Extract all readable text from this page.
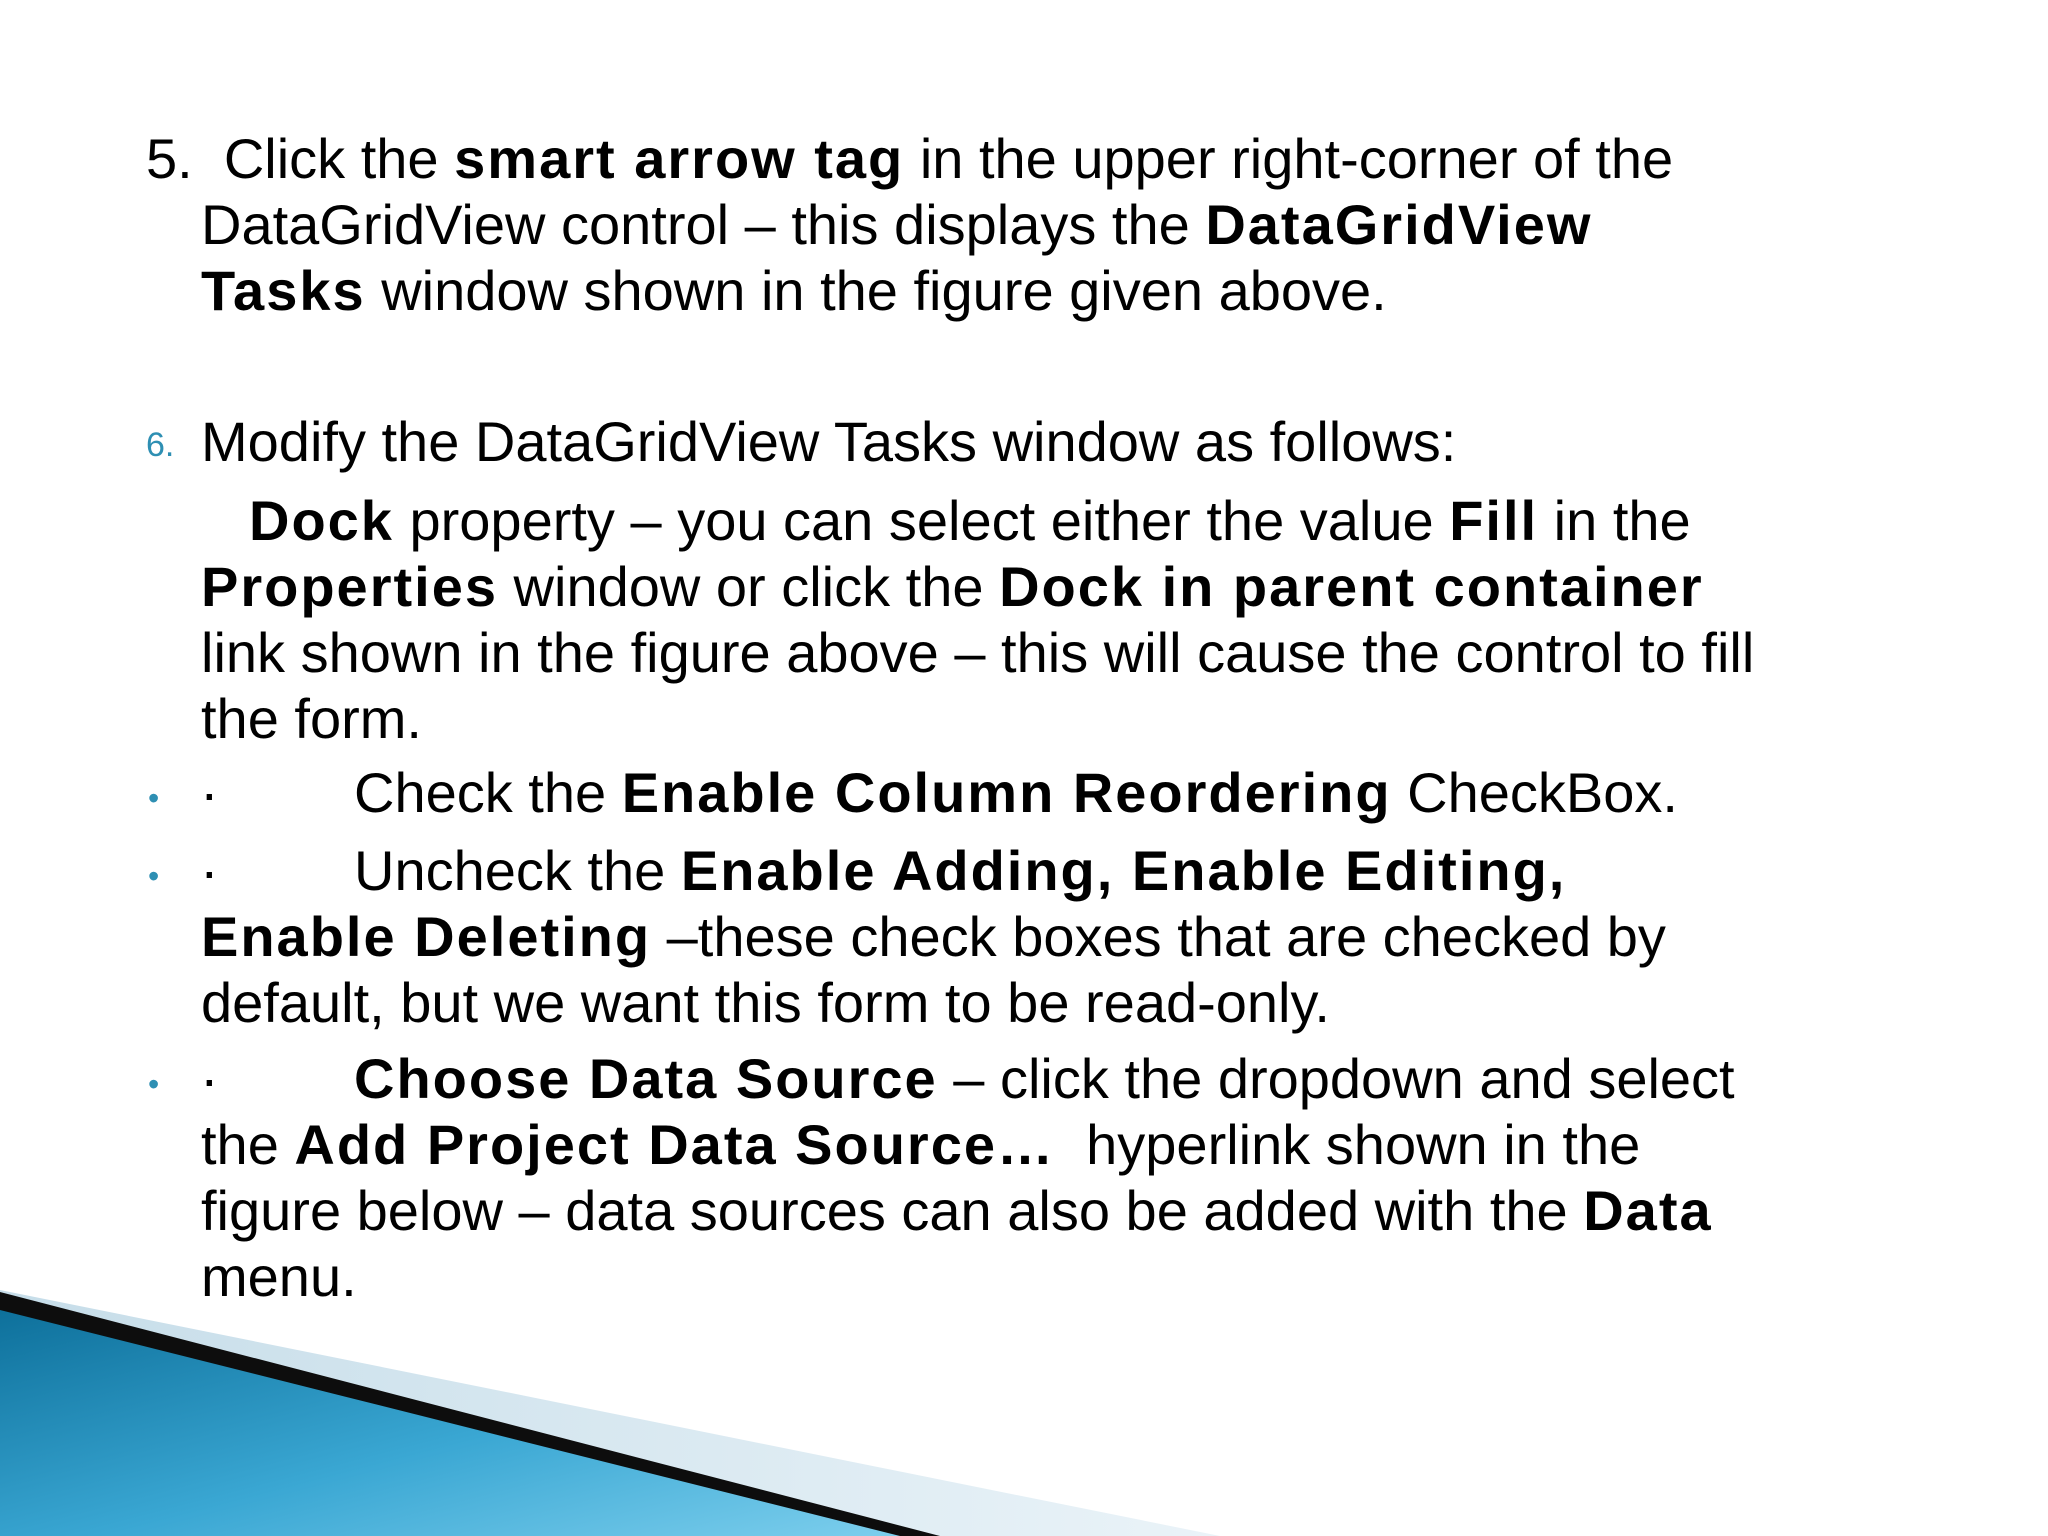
5. Click the smart arrow tag in the upper right-corner of the
DataGridView control – this displays the DataGridView
Tasks window shown in the figure given above.
6. Modify the DataGridView Tasks window as follows:
Dock property – you can select either the value Fill in the
Properties window or click the Dock in parent container
link shown in the figure above – this will cause the control to fill
the form.
• · Check the Enable Column Reordering CheckBox.
• · Uncheck the Enable Adding, Enable Editing,
Enable Deleting –these check boxes that are checked by
default, but we want this form to be read-only.
• · Choose Data Source – click the dropdown and select
the Add Project Data Source…  hyperlink shown in the
figure below – data sources can also be added with the Data
menu.
